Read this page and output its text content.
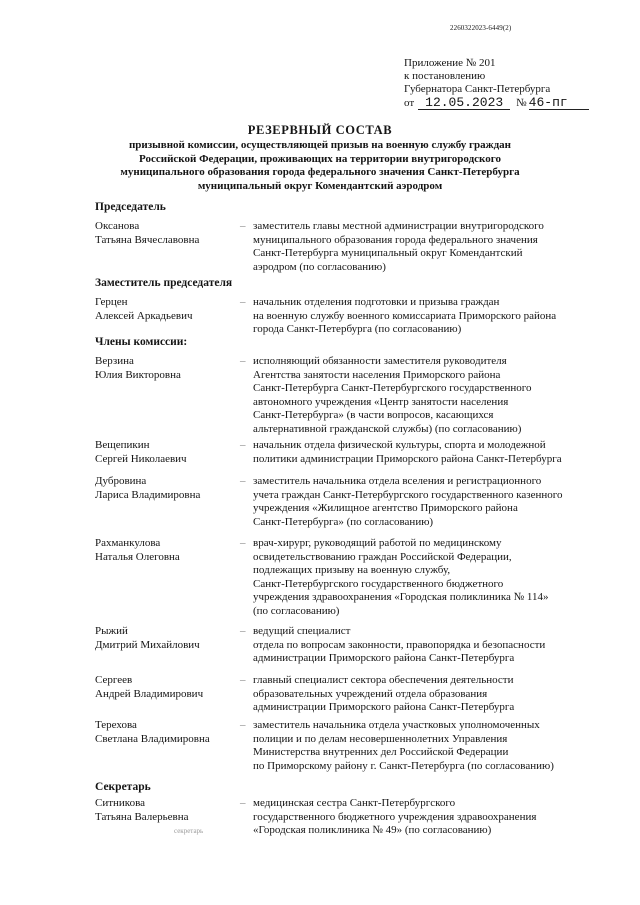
2260322023-6449(2)
Приложение № 201
к постановлению
Губернатора Санкт-Петербурга
от 12.05.2023	№ 46-пг
РЕЗЕРВНЫЙ СОСТАВ
призывной комиссии, осуществляющей призыв на военную службу граждан Российской Федерации, проживающих на территории внутригородского муниципального образования города федерального значения Санкт-Петербурга муниципальный округ Комендантский аэродром
Председатель
Заместитель председателя
Члены комиссии:
Секретарь
Оксанова
Татьяна Вячеславовна
– заместитель главы местной администрации внутригородского
муниципального образования города федерального значения
Санкт-Петербурга муниципальный округ Комендантский
аэродром (по согласованию)
Герцен
Алексей Аркадьевич
– начальник отделения подготовки и призыва граждан
на военную службу военного комиссариата Приморского района
города Санкт-Петербурга (по согласованию)
Верзина
Юлия Викторовна
– исполняющий обязанности заместителя руководителя
Агентства занятости населения Приморского района
Санкт-Петербурга Санкт-Петербургского государственного
автономного учреждения «Центр занятости населения
Санкт-Петербурга» (в части вопросов, касающихся
альтернативной гражданской службы) (по согласованию)
Вещепикин
Сергей Николаевич
– начальник отдела физической культуры, спорта и молодежной
политики администрации Приморского района Санкт-Петербурга
Дубровина
Лариса Владимировна
– заместитель начальника отдела вселения и регистрационного
учета граждан Санкт-Петербургского государственного казенного
учреждения «Жилищное агентство Приморского района
Санкт-Петербурга» (по согласованию)
Рахманкулова
Наталья Олеговна
– врач-хирург, руководящий работой по медицинскому
освидетельствованию граждан Российской Федерации,
подлежащих призыву на военную службу,
Санкт-Петербургского государственного бюджетного
учреждения здравоохранения «Городская поликлиника № 114»
(по согласованию)
Рыжий
Дмитрий Михайлович
– ведущий специалист
отдела по вопросам законности, правопорядка и безопасности
администрации Приморского района Санкт-Петербурга
Сергеев
Андрей Владимирович
– главный специалист сектора обеспечения деятельности
образовательных учреждений отдела образования
администрации Приморского района Санкт-Петербурга
Терехова
Светлана Владимировна
– заместитель начальника отдела участковых уполномоченных
полиции и по делам несовершеннолетних Управления
Министерства внутренних дел Российской Федерации
по Приморскому району г. Санкт-Петербурга (по согласованию)
Ситникова
Татьяна Валерьевна
– медицинская сестра Санкт-Петербургского
государственного бюджетного учреждения здравоохранения
«Городская поликлиника № 49» (по согласованию)
секретарь
